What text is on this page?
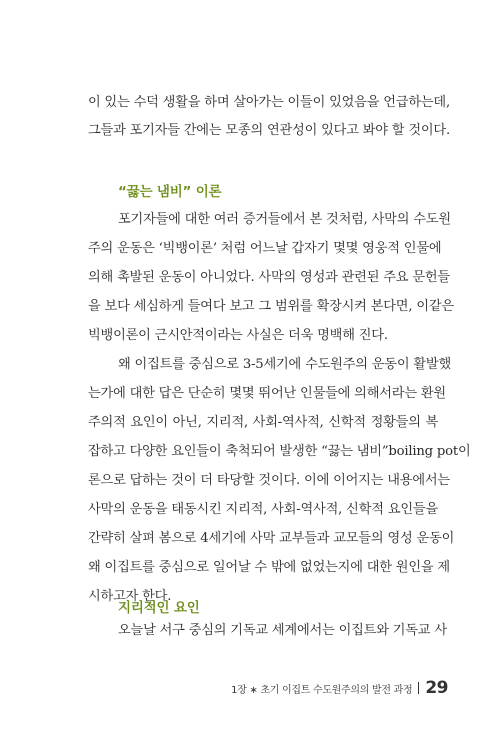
이 있는 수덕 생활을 하며 살아가는 이들이 있었음을 언급하는데,
그들과 포기자들 간에는 모종의 연관성이 있다고 봐야 할 것이다.
“끓는 냄비” 이론
포기자들에 대한 여러 증거들에서 본 것처럼, 사막의 수도원
주의 운동은 ‘빅뱅이론’ 처럼 어느날 갑자기 몇몇 영웅적 인물에
의해 촉발된 운동이 아니었다. 사막의 영성과 관련된 주요 문헌들
을 보다 세심하게 들여다 보고 그 범위를 확장시켜 본다면, 이같은
빅뱅이론이 근시안적이라는 사실은 더욱 명백해 진다.
왜 이집트를 중심으로 3-5세기에 수도원주의 운동이 활발했
는가에 대한 답은 단순히 몇몇 뛰어난 인물들에 의해서라는 환원
주의적 요인이 아닌, 지리적, 사회-역사적, 신학적 정황들의 복
잡하고 다양한 요인들이 축척되어 발생한 “끓는 냄비”boiling pot이
론으로 답하는 것이 더 타당할 것이다. 이에 이어지는 내용에서는
사막의 운동을 태동시킨 지리적, 사회-역사적, 신학적 요인들을
간략히 살펴 봄으로 4세기에 사막 교부들과 교모들의 영성 운동이
왜 이집트를 중심으로 일어날 수 밖에 없었는지에 대한 원인을 제
시하고자 한다.
지리적인 요인
오늘날 서구 중심의 기독교 세계에서는 이집트와 기독교 사
1장 ∗ 초기 이집트 수도원주의의 발전 과정 29
